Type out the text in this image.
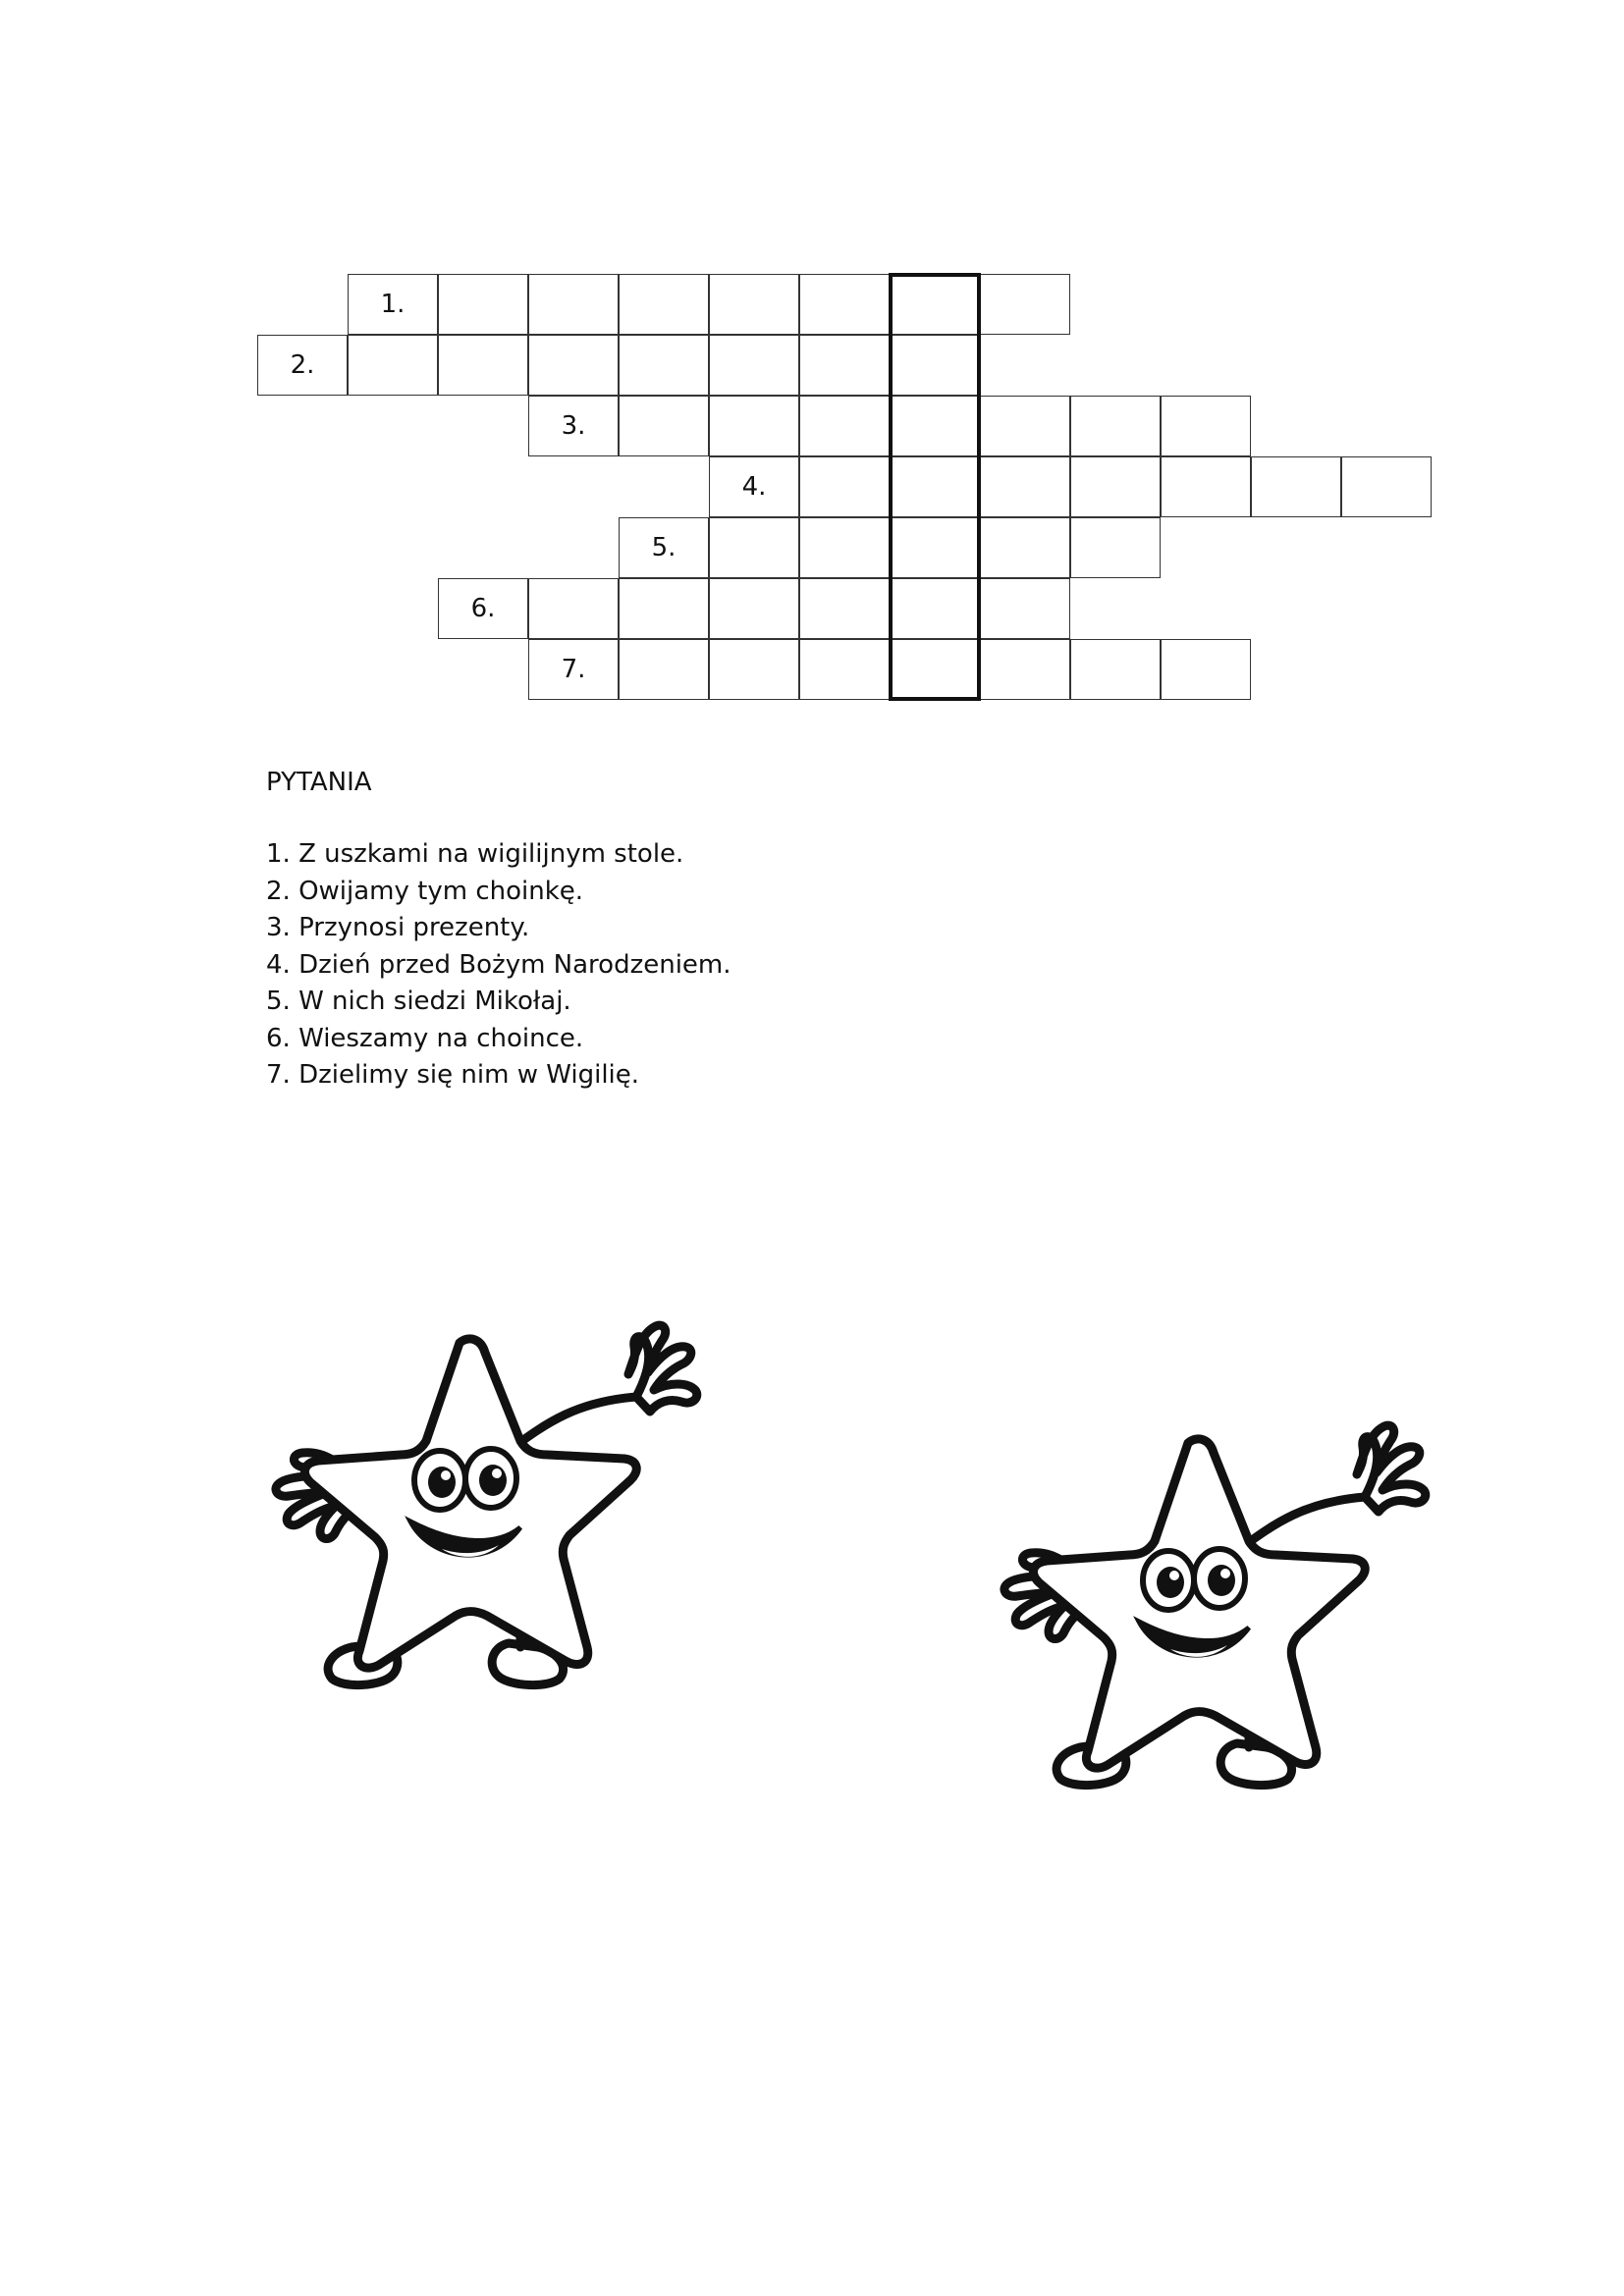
1.
2.
3.
4.
5.
6.
7.
PYTANIA
1. Z uszkami na wigilijnym stole.
2. Owijamy tym choinkę.
3. Przynosi prezenty.
4. Dzień przed Bożym Narodzeniem.
5. W nich siedzi Mikołaj.
6. Wieszamy na choince.
7. Dzielimy się nim w Wigilię.
